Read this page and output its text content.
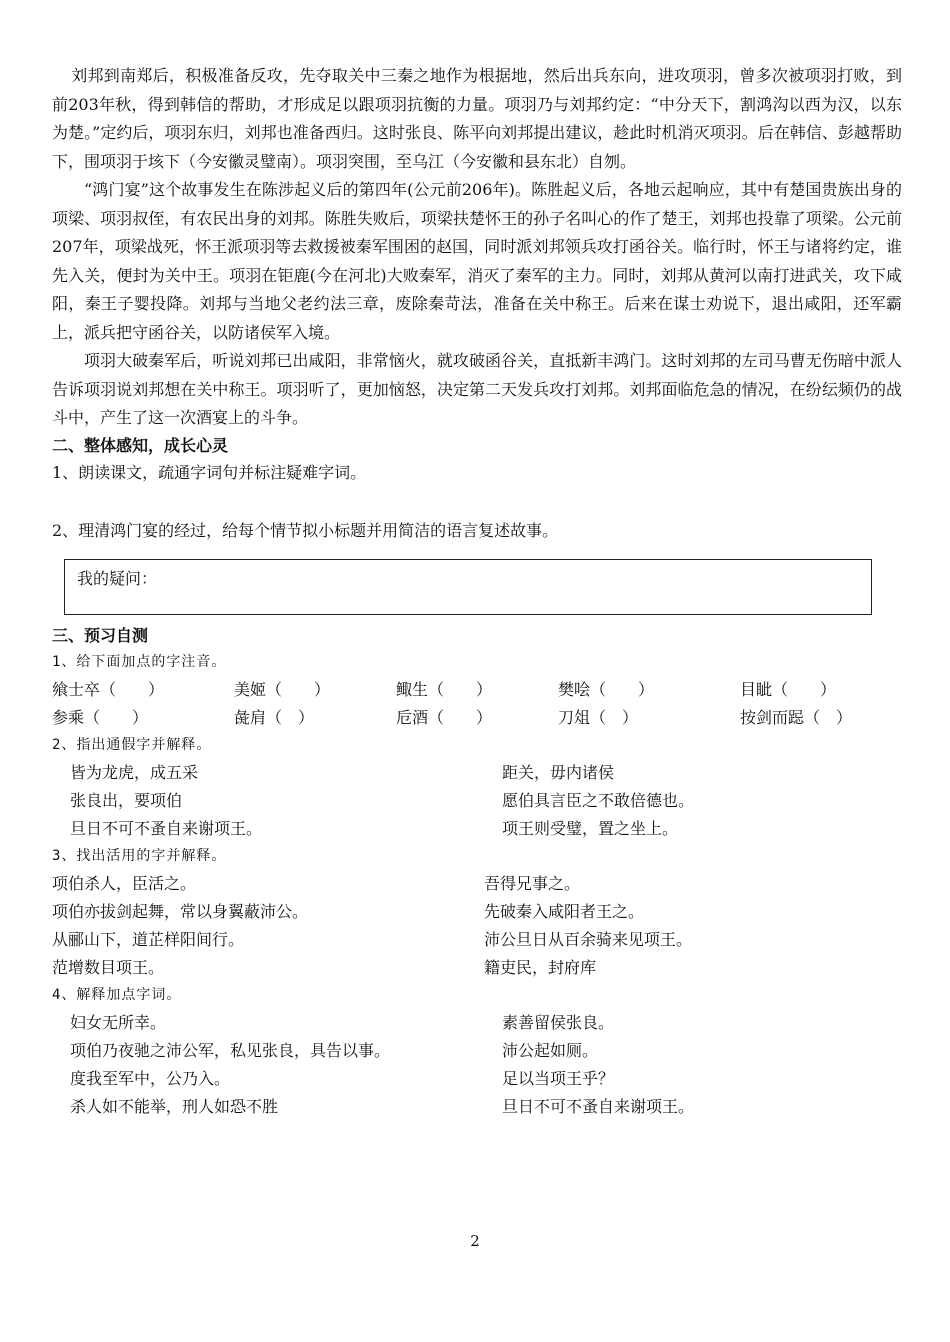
刘邦到南郑后，积极准备反攻，先夺取关中三秦之地作为根据地，然后出兵东向，进攻项羽，曾多次被项羽打败，到前203年秋，得到韩信的帮助，才形成足以跟项羽抗衡的力量。项羽乃与刘邦约定：“中分天下，割鸿沟以西为汉，以东为楚。”定约后，项羽东归，刘邦也准备西归。这时张良、陈平向刘邦提出建议，趁此时机消灭项羽。后在韩信、彭越帮助下，围项羽于垓下（今安徽灵璧南）。项羽突围，至乌江（今安徽和县东北）自刎。

“鸿门宴”这个故事发生在陈涉起义后的第四年(公元前206年)。陈胜起义后，各地云起响应，其中有楚国贵族出身的项梁、项羽叔侄，有农民出身的刘邦。陈胜失败后，项梁扶楚怀王的孙子名叫心的作了楚王，刘邦也投靠了项梁。公元前207年，项梁战死，怀王派项羽等去救援被秦军围困的赵国，同时派刘邦领兵攻打函谷关。临行时，怀王与诸将约定，谁先入关，便封为关中王。项羽在钜鹿(今在河北)大败秦军，消灭了秦军的主力。同时，刘邦从黄河以南打进武关，攻下咸阳，秦王子婴投降。刘邦与当地父老约法三章，废除秦苛法，准备在关中称王。后来在谋士劝说下，退出咸阳，还军霸上，派兵把守函谷关，以防诸侯军入境。

项羽大破秦军后，听说刘邦已出咸阳，非常恼火，就攻破函谷关，直抵新丰鸿门。这时刘邦的左司马曹无伤暗中派人告诉项羽说刘邦想在关中称王。项羽听了，更加恼怒，决定第二天发兵攻打刘邦。刘邦面临危急的情况，在纷纭频仍的战斗中，产生了这一次酒宴上的斗争。

二、整体感知，成长心灵

1、朗读课文，疏通字词句并标注疑难字词。

2、理清鸿门宴的经过，给每个情节拟小标题并用简洁的语言复述故事。

我的疑问：

三、预习自测

1、给下面加点的字注音。

飨士卒（　　）	美姬（　　）	鲰生（　　）	樊哙（　　）	目眦（　　）
参乘（　　）	彘肩（　）	卮酒（　　）	刀俎（　）	按剑而跽（　）

2、指出通假字并解释。

皆为龙虎，成五采	距关，毋内诸侯
张良出，要项伯	愿伯具言臣之不敢倍德也。
旦日不可不蚤自来谢项王。	项王则受璧，置之坐上。

3、找出活用的字并解释。

项伯杀人，臣活之。	吾得兄事之。
项伯亦拔剑起舞，常以身翼蔽沛公。	先破秦入咸阳者王之。
从郦山下，道芷样阳间行。	沛公旦日从百余骑来见项王。
范增数目项王。	籍吏民，封府库

4、解释加点字词。

妇女无所幸。	素善留侯张良。
项伯乃夜驰之沛公军，私见张良，具告以事。	沛公起如厕。
度我至军中，公乃入。	足以当项王乎？
杀人如不能举，刑人如恐不胜	旦日不可不蚤自来谢项王。
2
